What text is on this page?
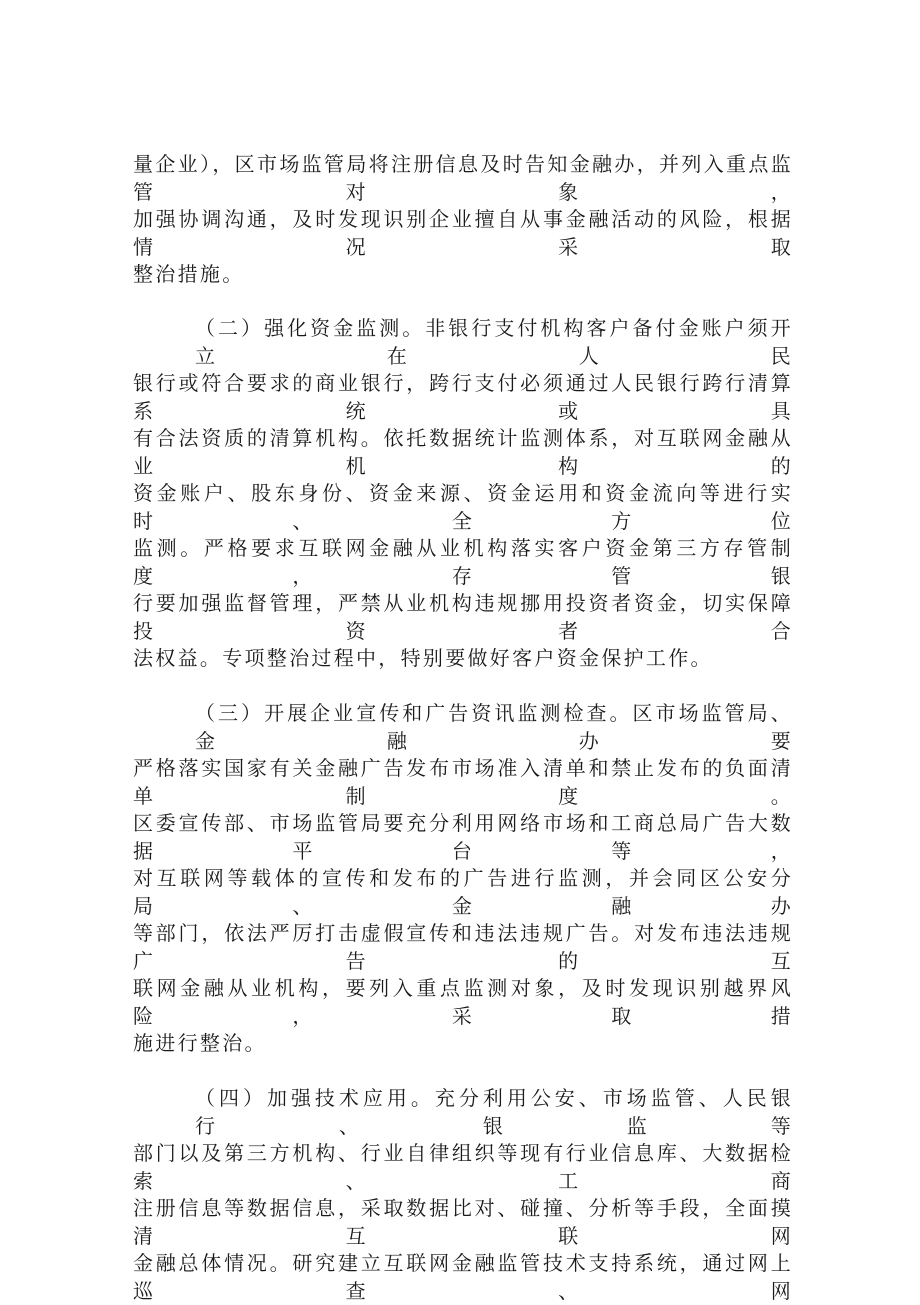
量企业），区市场监管局将注册信息及时告知金融办，并列入重点监管对象，
加强协调沟通，及时发现识别企业擅自从事金融活动的风险，根据情况采取
整治措施。
（二）强化资金监测。非银行支付机构客户备付金账户须开立在人民
银行或符合要求的商业银行，跨行支付必须通过人民银行跨行清算系统或具
有合法资质的清算机构。依托数据统计监测体系，对互联网金融从业机构的
资金账户、股东身份、资金来源、资金运用和资金流向等进行实时、全方位
监测。严格要求互联网金融从业机构落实客户资金第三方存管制度，存管银
行要加强监督管理，严禁从业机构违规挪用投资者资金，切实保障投资者合
法权益。专项整治过程中，特别要做好客户资金保护工作。
（三）开展企业宣传和广告资讯监测检查。区市场监管局、金融办要
严格落实国家有关金融广告发布市场准入清单和禁止发布的负面清单制度。
区委宣传部、市场监管局要充分利用网络市场和工商总局广告大数据平台等，
对互联网等载体的宣传和发布的广告进行监测，并会同区公安分局、金融办
等部门，依法严厉打击虚假宣传和违法违规广告。对发布违法违规广告的互
联网金融从业机构，要列入重点监测对象，及时发现识别越界风险，采取措
施进行整治。
（四）加强技术应用。充分利用公安、市场监管、人民银行、银监等
部门以及第三方机构、行业自律组织等现有行业信息库、大数据检索、工商
注册信息等数据信息，采取数据比对、碰撞、分析等手段，全面摸清互联网
金融总体情况。研究建立互联网金融监管技术支持系统，通过网上巡查、网
